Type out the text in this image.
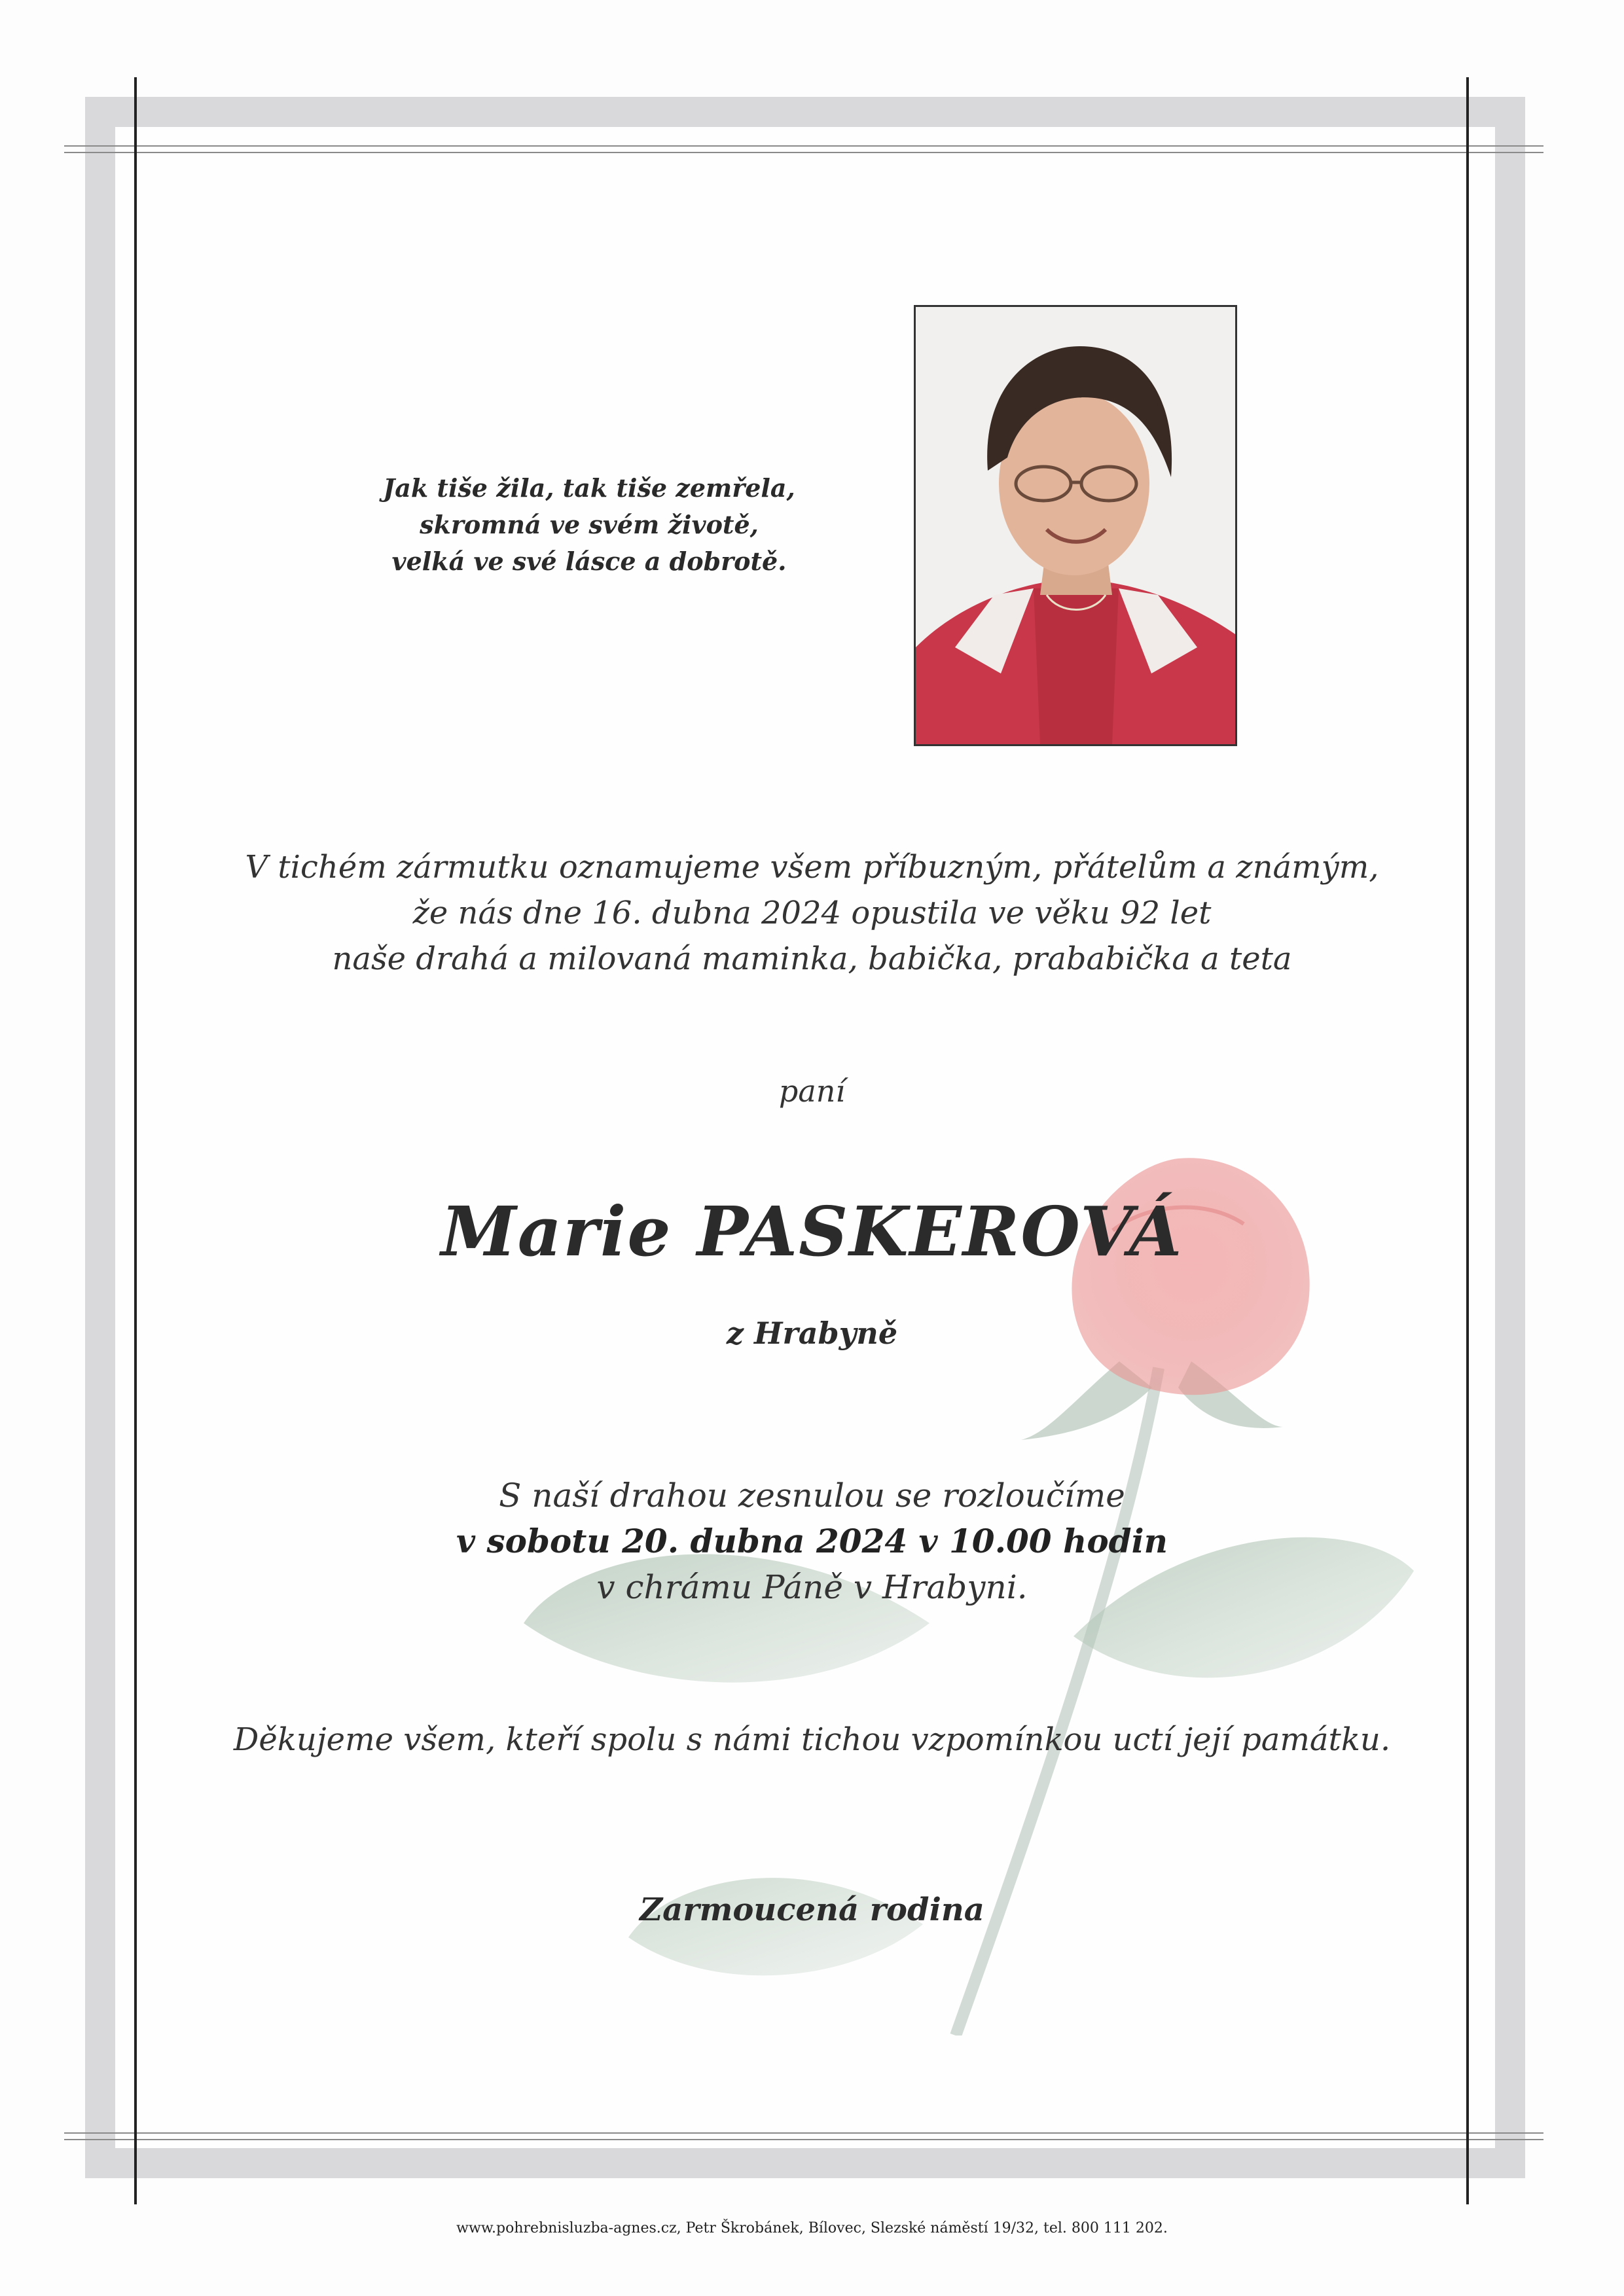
Jak tiše žila, tak tiše zemřela,
skromná ve svém životě,
velká ve své lásce a dobrotě.
V tichém zármutku oznamujeme všem příbuzným, přátelům a známým,
že nás dne 16. dubna 2024 opustila ve věku 92 let
naše drahá a milovaná maminka, babička, prababička a teta
paní
Marie PASKEROVÁ
z Hrabyně
S naší drahou zesnulou se rozloučíme
v sobotu 20. dubna 2024 v 10.00 hodin
v chrámu Páně v Hrabyni.
Děkujeme všem, kteří spolu s námi tichou vzpomínkou uctí její památku.
Zarmoucená rodina
www.pohrebnisluzba-agnes.cz, Petr Škrobánek, Bílovec, Slezské náměstí 19/32, tel. 800 111 202.
